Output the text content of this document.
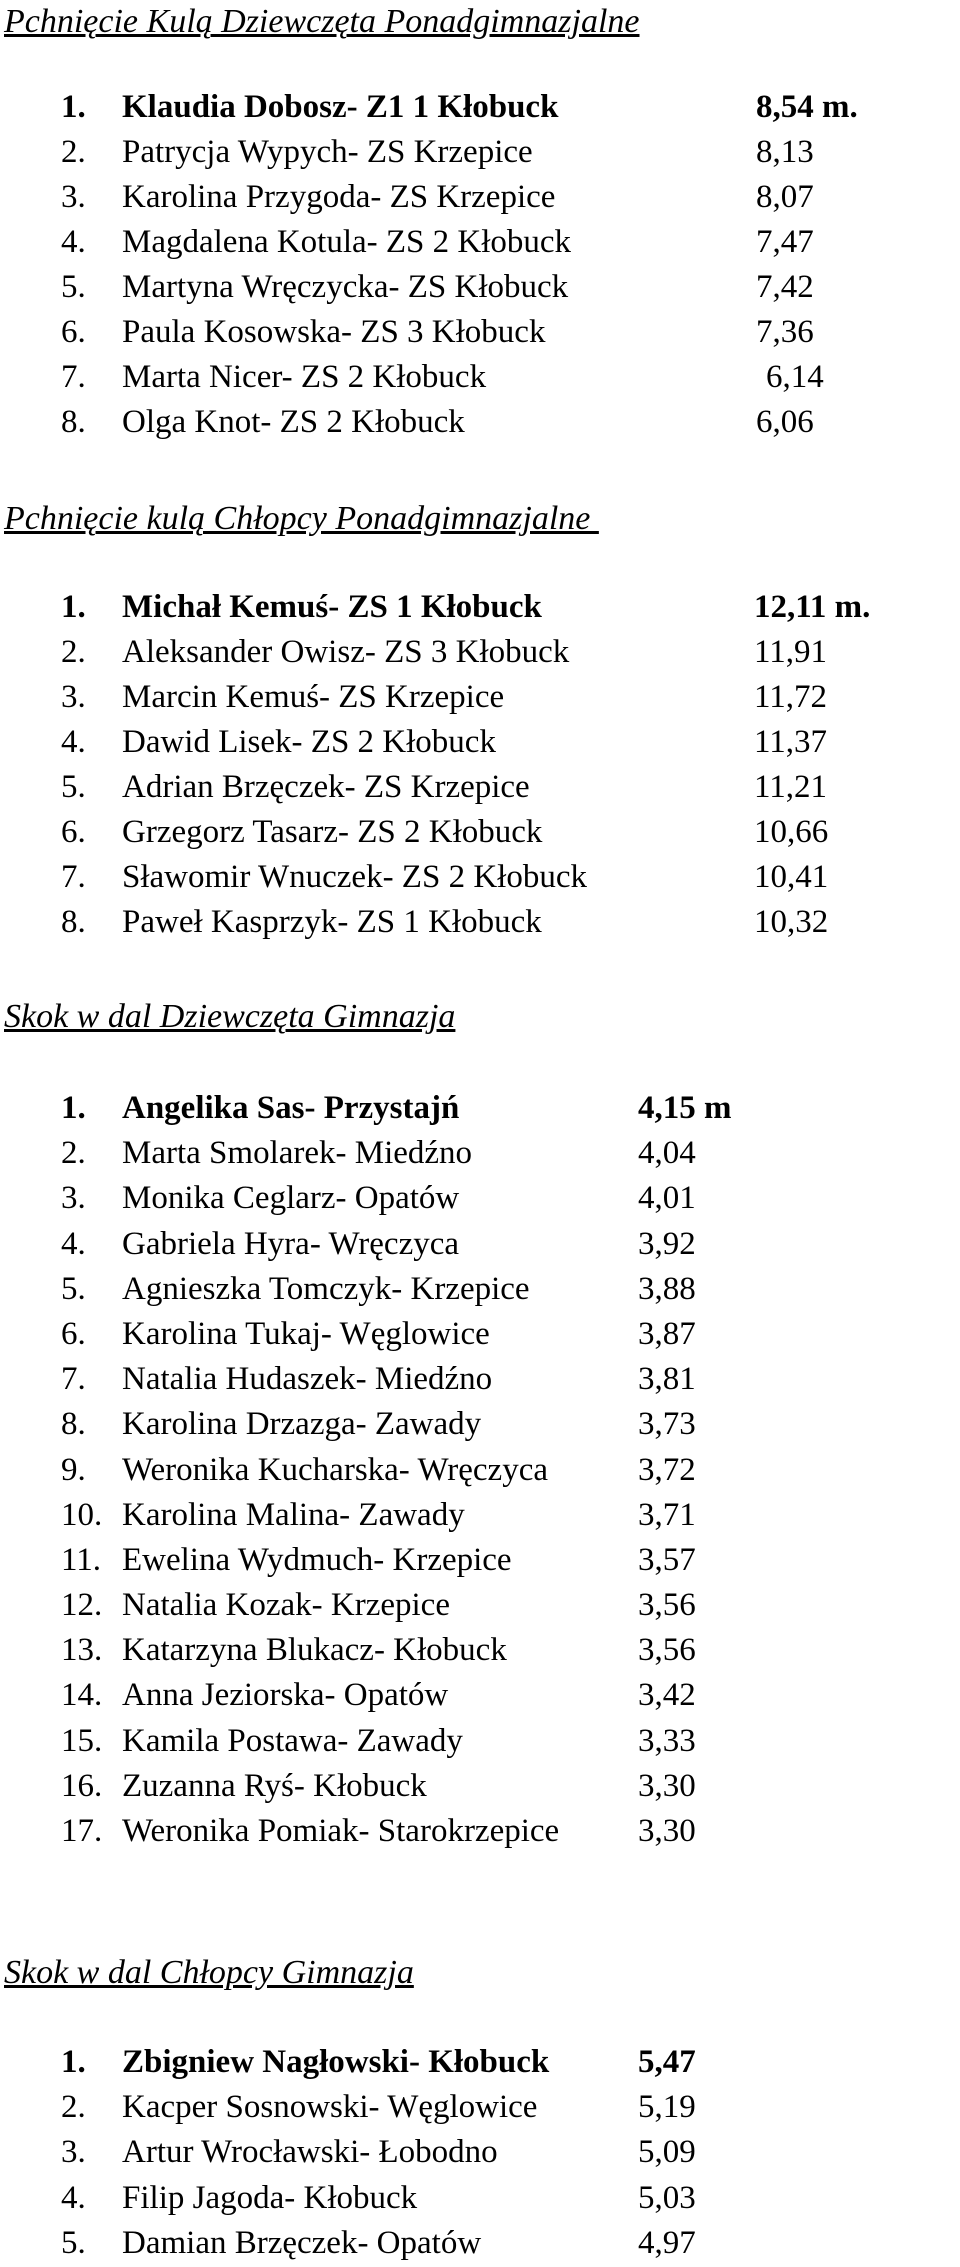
Pchnięcie Kulą Dziewczęta Ponadgimnazjalne
1. Klaudia Dobosz- Z1 1 Kłobuck	8,54 m.
2. Patrycja Wypych- ZS Krzepice	8,13
3. Karolina Przygoda- ZS Krzepice	8,07
4. Magdalena Kotula- ZS 2 Kłobuck	7,47
5. Martyna Wręczycka- ZS Kłobuck	7,42
6. Paula Kosowska- ZS 3 Kłobuck	7,36
7. Marta Nicer- ZS 2 Kłobuck	6,14
8. Olga Knot- ZS 2 Kłobuck	6,06
Pchnięcie kulą Chłopcy Ponadgimnazjalne
1. Michał Kemuś- ZS 1 Kłobuck	12,11 m.
2. Aleksander Owisz- ZS 3 Kłobuck	11,91
3. Marcin Kemuś- ZS Krzepice	11,72
4. Dawid Lisek- ZS 2 Kłobuck	11,37
5. Adrian Brzęczek- ZS Krzepice	11,21
6. Grzegorz Tasarz- ZS 2 Kłobuck	10,66
7. Sławomir Wnuczek- ZS 2 Kłobuck	10,41
8. Paweł Kasprzyk- ZS 1 Kłobuck	10,32
Skok w dal Dziewczęta Gimnazja
1. Angelika Sas- Przystajń	4,15 m
2. Marta Smolarek- Miedźno	4,04
3. Monika Ceglarz- Opatów	4,01
4. Gabriela Hyra- Wręczyca	3,92
5. Agnieszka Tomczyk- Krzepice	3,88
6. Karolina Tukaj- Węglowice	3,87
7. Natalia Hudaszek- Miedźno	3,81
8. Karolina Drzazga- Zawady	3,73
9. Weronika Kucharska- Wręczyca	3,72
10. Karolina Malina- Zawady	3,71
11. Ewelina Wydmuch- Krzepice	3,57
12. Natalia Kozak- Krzepice	3,56
13. Katarzyna Blukacz- Kłobuck	3,56
14. Anna Jeziorska- Opatów	3,42
15. Kamila Postawa- Zawady	3,33
16. Zuzanna Ryś- Kłobuck	3,30
17. Weronika Pomiak- Starokrzepice 3,30
Skok w dal Chłopcy Gimnazja
1. Zbigniew Nagłowski- Kłobuck	5,47
2. Kacper Sosnowski- Węglowice	5,19
3. Artur Wrocławski- Łobodno	5,09
4. Filip Jagoda- Kłobuck	5,03
5. Damian Brzęczek- Opatów	4,97
